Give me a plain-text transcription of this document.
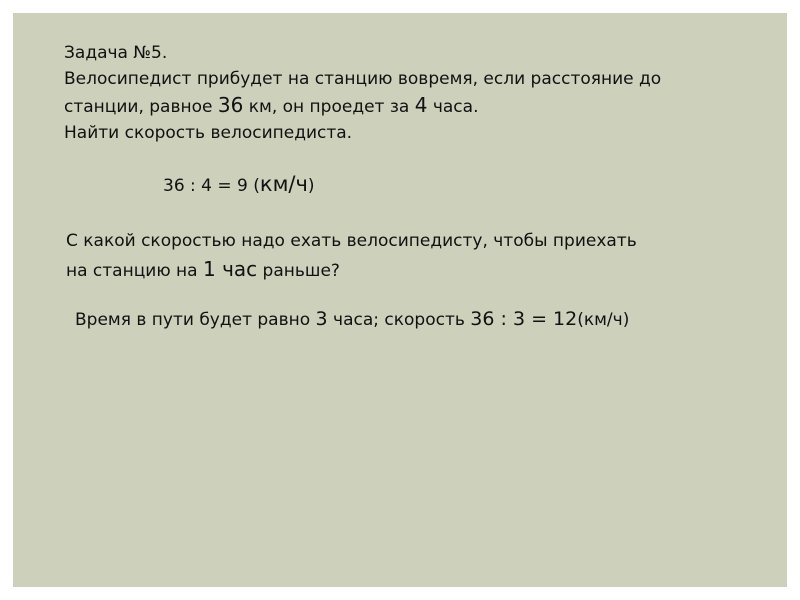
Задача №5.
Велосипедист прибудет на станцию вовремя, если расстояние до
станции, равное 36 км, он проедет за 4 часа.
Найти скорость велосипедиста.
36 : 4 = 9 (км/ч)
С какой скоростью надо ехать велосипедисту, чтобы приехать
на станцию на 1 час раньше?
Время в пути будет равно 3 часа; скорость 36 : 3 = 12(км/ч)
